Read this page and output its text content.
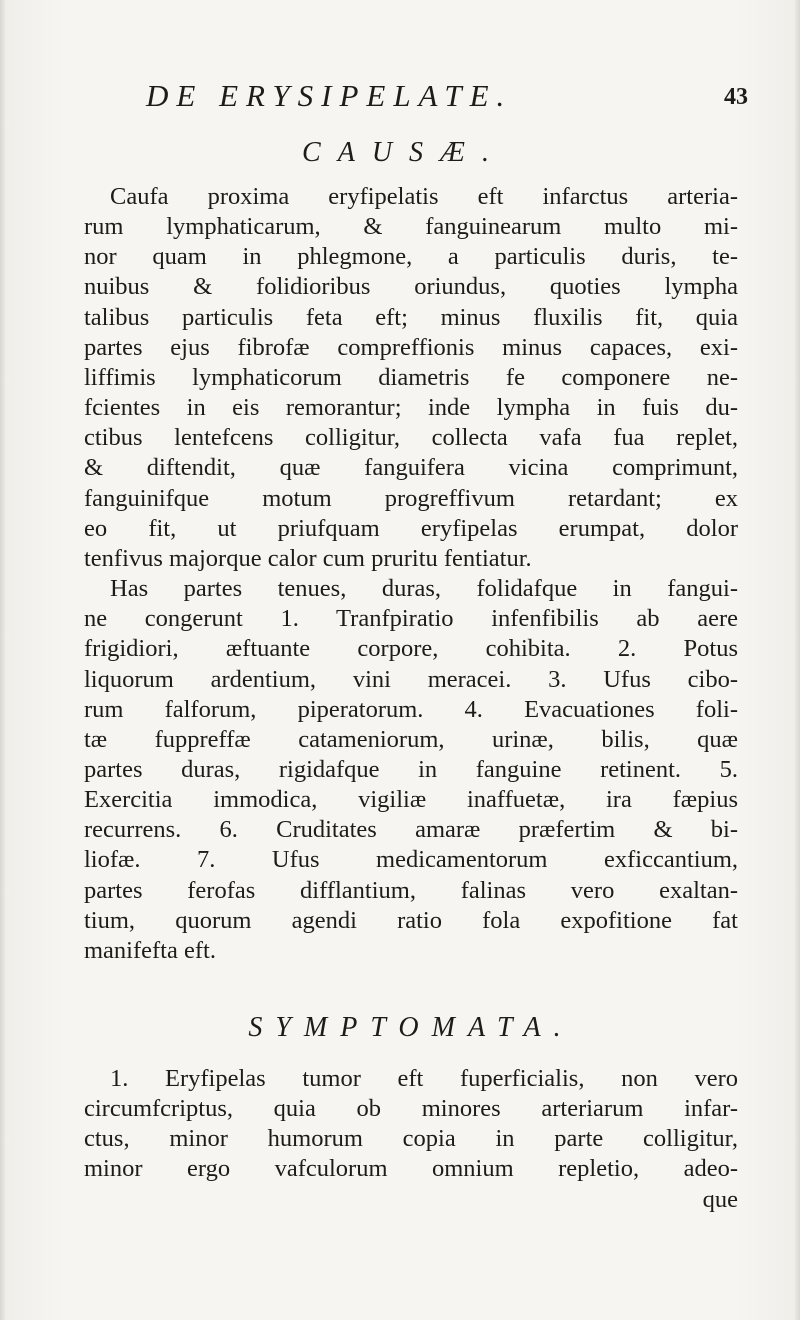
DE ERYSIPELATE.	43
CAUSÆ.
Caufa proxima eryfipelatis eft infarctus arteria-
rum lymphaticarum, & fanguinearum multo mi-
nor quam in phlegmone, a particulis duris, te-
nuibus & folidioribus oriundus, quoties lympha
talibus particulis feta eft; minus fluxilis fit, quia
partes ejus fibrofæ compreffionis minus capaces, exi-
liffimis lymphaticorum diametris fe componere ne-
fcientes in eis remorantur; inde lympha in fuis du-
ctibus lentefcens colligitur, collecta vafa fua replet,
& diftendit, quæ fanguifera vicina comprimunt,
fanguinifque motum progreffivum retardant; ex
eo fit, ut priufquam eryfipelas erumpat, dolor
tenfivus majorque calor cum pruritu fentiatur.
Has partes tenues, duras, folidafque in fangui-
ne congerunt 1. Tranfpiratio infenfibilis ab aere
frigidiori, æftuante corpore, cohibita. 2. Potus
liquorum ardentium, vini meracei. 3. Ufus cibo-
rum falforum, piperatorum. 4. Evacuationes foli-
tæ fuppreffæ catameniorum, urinæ, bilis, quæ
partes duras, rigidafque in fanguine retinent. 5.
Exercitia immodica, vigiliæ inaffuetæ, ira fæpius
recurrens. 6. Cruditates amaræ præfertim & bi-
liofæ. 7. Ufus medicamentorum exficcantium,
partes ferofas difflantium, falinas vero exaltan-
tium, quorum agendi ratio fola expofitione fat
manifefta eft.
SYMPTOMATA.
1. Eryfipelas tumor eft fuperficialis, non vero
circumfcriptus, quia ob minores arteriarum infar-
ctus, minor humorum copia in parte colligitur,
minor ergo vafculorum omnium repletio, adeo-
que
